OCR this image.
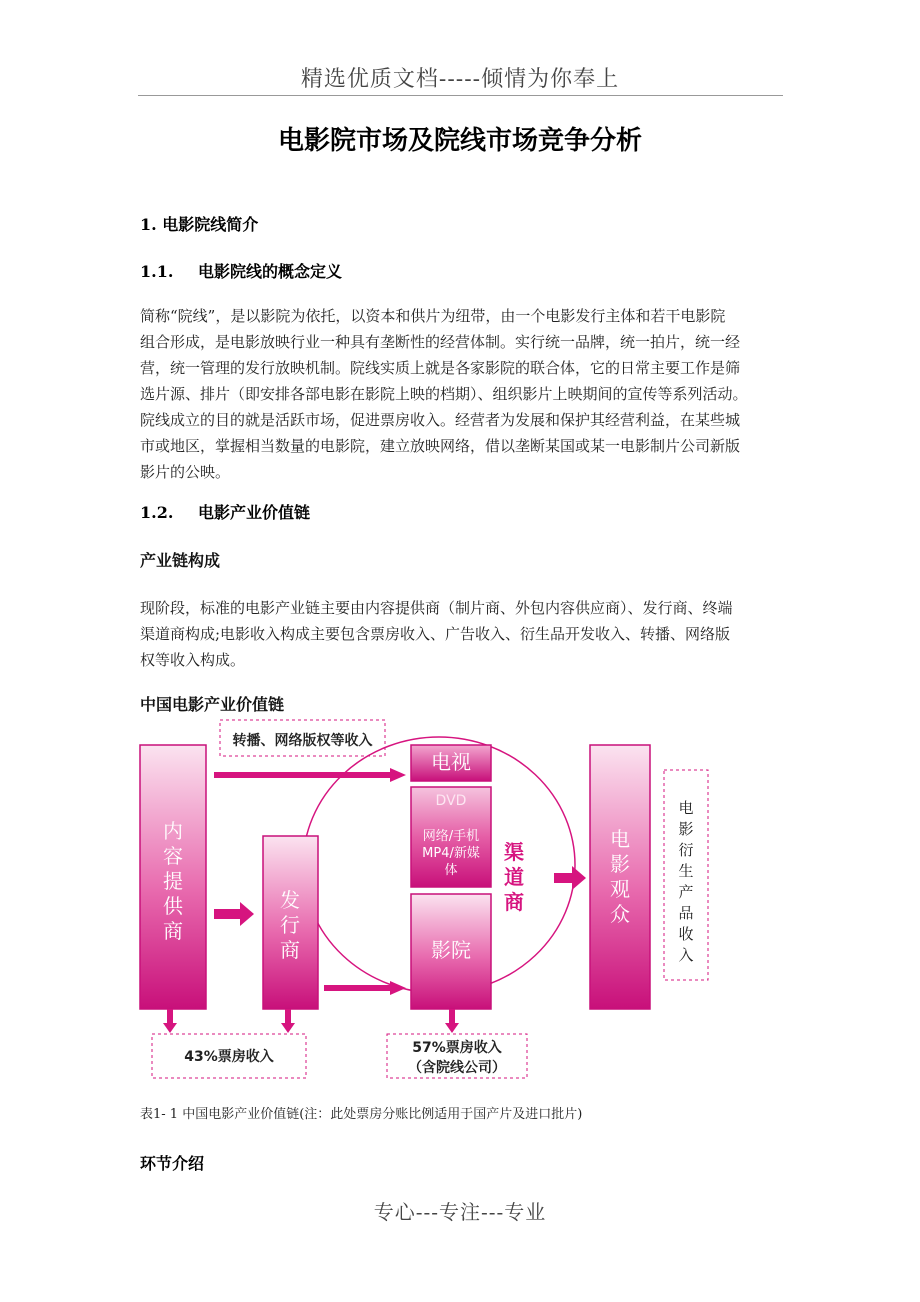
精选优质文档-----倾情为你奉上
电影院市场及院线市场竞争分析
1. 电影院线简介
1.1. 电影院线的概念定义
简称“院线”，是以影院为依托，以资本和供片为纽带，由一个电影发行主体和若干电影院
组合形成，是电影放映行业一种具有垄断性的经营体制。实行统一品牌，统一拍片，统一经
营，统一管理的发行放映机制。院线实质上就是各家影院的联合体，它的日常主要工作是筛
选片源、排片（即安排各部电影在影院上映的档期）、组织影片上映期间的宣传等系列活动。
院线成立的目的就是活跃市场，促进票房收入。经营者为发展和保护其经营利益，在某些城
市或地区，掌握相当数量的电影院，建立放映网络，借以垄断某国或某一电影制片公司新版
影片的公映。
1.2. 电影产业价值链
产业链构成
现阶段，标准的电影产业链主要由内容提供商（制片商、外包内容供应商）、发行商、终端
渠道商构成;电影收入构成主要包含票房收入、广告收入、衍生品开发收入、转播、网络版
权等收入构成。
中国电影产业价值链
内容提供商
发行商
电视
DVD
网络/手机MP4/新媒体
影院
渠道商
电影观众
电影衍生产品收入
转播、网络版权等收入
43%票房收入
57%票房收入
（含院线公司）
表1- 1 中国电影产业价值链(注：此处票房分账比例适用于国产片及进口批片)
环节介绍
专心---专注---专业
